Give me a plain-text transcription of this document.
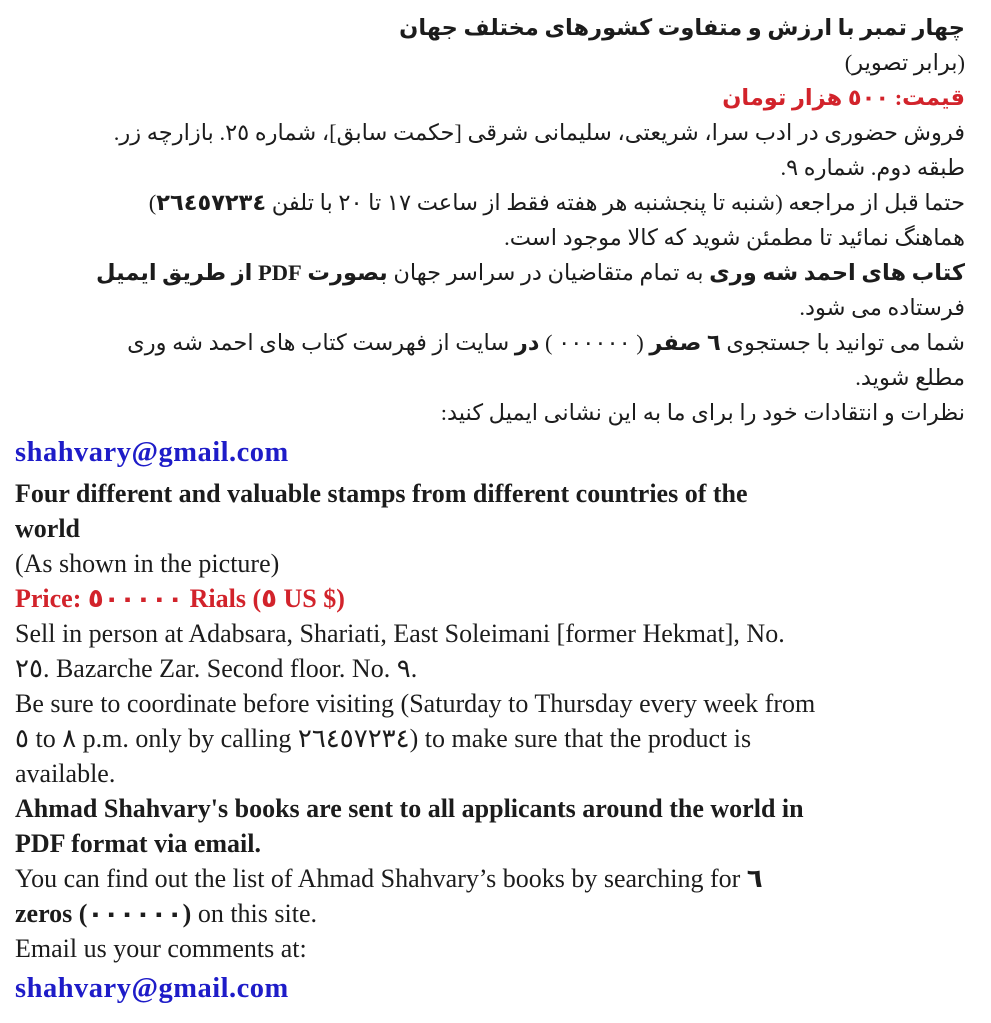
چهار تمبر با ارزش و متفاوت کشورهای مختلف جهان
(برابر تصویر)
قیمت: ٥٠٠ هزار تومان
فروش حضوری در ادب سرا، شریعتی، سلیمانی شرقی [حکمت سابق]، شماره ٢٥. بازارچه زر.
طبقه دوم. شماره ٩.
حتما قبل از مراجعه (شنبه تا پنجشنبه هر هفته فقط از ساعت ١٧ تا ٢٠ با تلفن ٢٦٤٥٧٢٣٤)
هماهنگ نمائید تا مطمئن شوید که کالا موجود است.
کتاب های احمد شه وری به تمام متقاضیان در سراسر جهان بصورت PDF از طریق ایمیل
فرستاده می شود.
شما می توانید با جستجوی ٦ صفر ( ٠٠٠٠٠٠ ) در سایت از فهرست کتاب های احمد شه وری
مطلع شوید.
نظرات و انتقادات خود را برای ما به این نشانی ایمیل کنید:
shahvary@gmail.com
Four different and valuable stamps from different countries of the
world
(As shown in the picture)
Price: ٥٠٠٠٠٠ Rials (٥ US $)
Sell in person at Adabsara, Shariati, East Soleimani [former Hekmat], No.
٢٥. Bazarche Zar. Second floor. No. ٩.
Be sure to coordinate before visiting (Saturday to Thursday every week from
٥ to ٨ p.m. only by calling ٢٦٤٥٧٢٣٤) to make sure that the product is
available.
Ahmad Shahvary's books are sent to all applicants around the world in
PDF format via email.
You can find out the list of Ahmad Shahvary’s books by searching for ٦
zeros (٠٠٠٠٠٠) on this site.
Email us your comments at:
shahvary@gmail.com
